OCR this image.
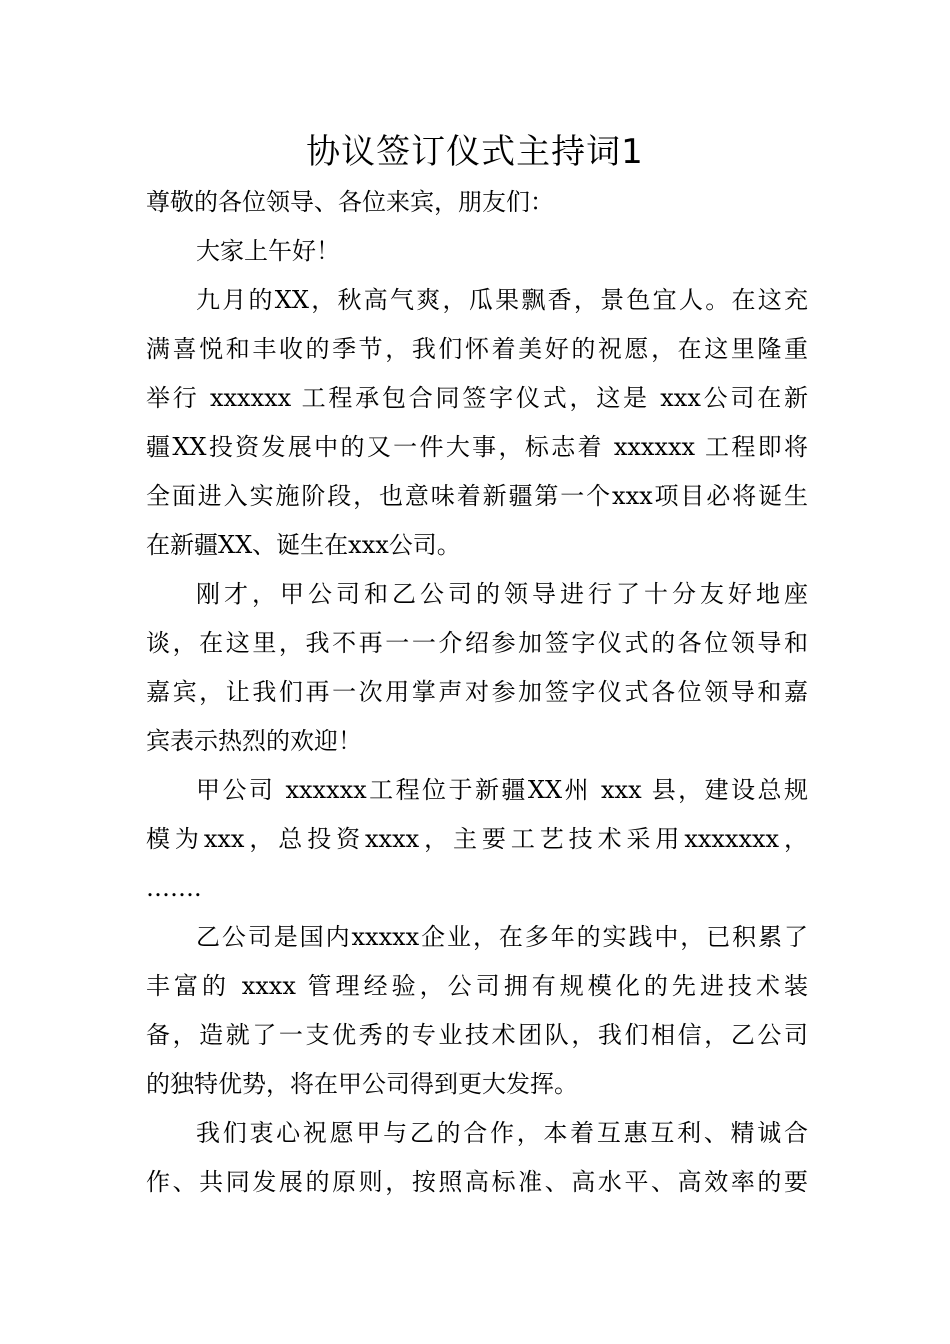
协议签订仪式主持词1
尊敬的各位领导、各位来宾，朋友们：
大家上午好！
九月的XX，秋高气爽，瓜果飘香，景色宜人。在这充
满喜悦和丰收的季节，我们怀着美好的祝愿，在这里隆重
举行 xxxxxx 工程承包合同签字仪式，这是 xxx公司在新
疆XX投资发展中的又一件大事，标志着 xxxxxx 工程即将
全面进入实施阶段，也意味着新疆第一个xxx项目必将诞生
在新疆XX、诞生在xxx公司。
刚才，甲公司和乙公司的领导进行了十分友好地座
谈，在这里，我不再一一介绍参加签字仪式的各位领导和
嘉宾，让我们再一次用掌声对参加签字仪式各位领导和嘉
宾表示热烈的欢迎！
甲公司 xxxxxx工程位于新疆XX州 xxx 县，建设总规
模为xxx，总投资xxxx，主要工艺技术采用xxxxxxx，
…….
乙公司是国内xxxxx企业，在多年的实践中，已积累了
丰富的 xxxx 管理经验，公司拥有规模化的先进技术装
备，造就了一支优秀的专业技术团队，我们相信，乙公司
的独特优势，将在甲公司得到更大发挥。
我们衷心祝愿甲与乙的合作，本着互惠互利、精诚合
作、共同发展的原则，按照高标准、高水平、高效率的要
